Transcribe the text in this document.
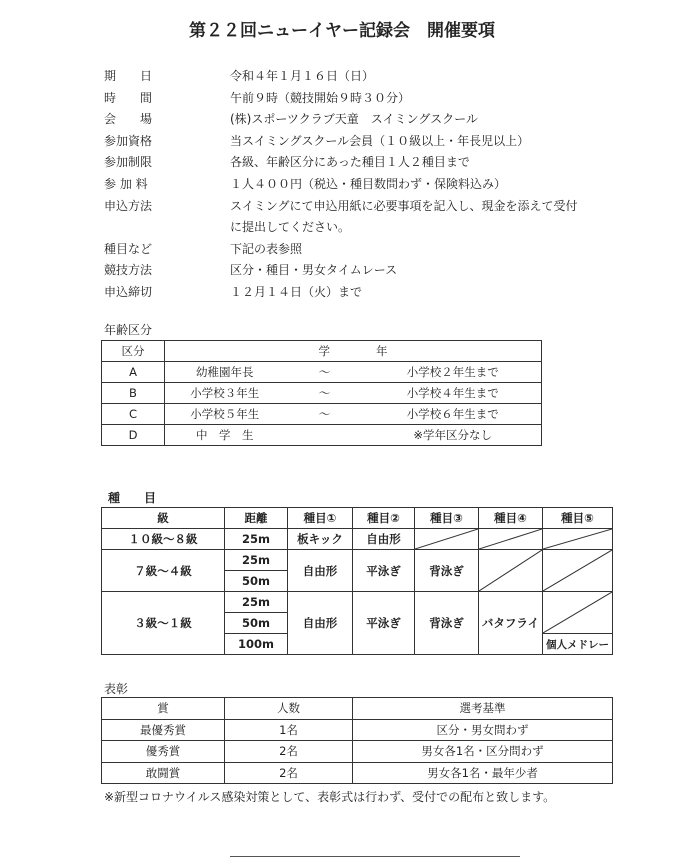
第２２回ニューイヤー記録会　開催要項
期　　日	令和４年１月１６日（日）
時　　間	午前９時（競技開始９時３０分）
会　　場	(株)スポーツクラブ天童　スイミングスクール
参加資格	当スイミングスクール会員（１０級以上・年長児以上）
参加制限	各級、年齢区分にあった種目１人２種目まで
参 加 料	１人４００円（税込・種目数問わず・保険料込み）
申込方法	スイミングにて申込用紙に必要事項を記入し、現金を添えて受付
に提出してください。
種目など	下記の表参照
競技方法	区分・種目・男女タイムレース
申込締切	１２月１４日（火）まで
年齢区分
区分	学　　　　年		
A	幼稚園年長	～	小学校２年生まで
B	小学校３年生	～	小学校４年生まで
C	小学校５年生	～	小学校６年生まで
D	中　学　生		※学年区分なし
種　　目
級	距離	種目①	種目②	種目③	種目④	種目⑤
１０級～８級	25m	板キック	自由形	

７級～４級	25m	自由形	平泳ぎ	背泳ぎ	

	50m					
３級～１級	25m	自由形	平泳ぎ	背泳ぎ	バタフライ	

	50m					
	100m					個人メドレー
表彰
賞	人数	選考基準
最優秀賞	1名	区分・男女問わず
優秀賞	2名	男女各1名・区分問わず
敢闘賞	2名	男女各1名・最年少者
※新型コロナウイルス感染対策として、表彰式は行わず、受付での配布と致します。
